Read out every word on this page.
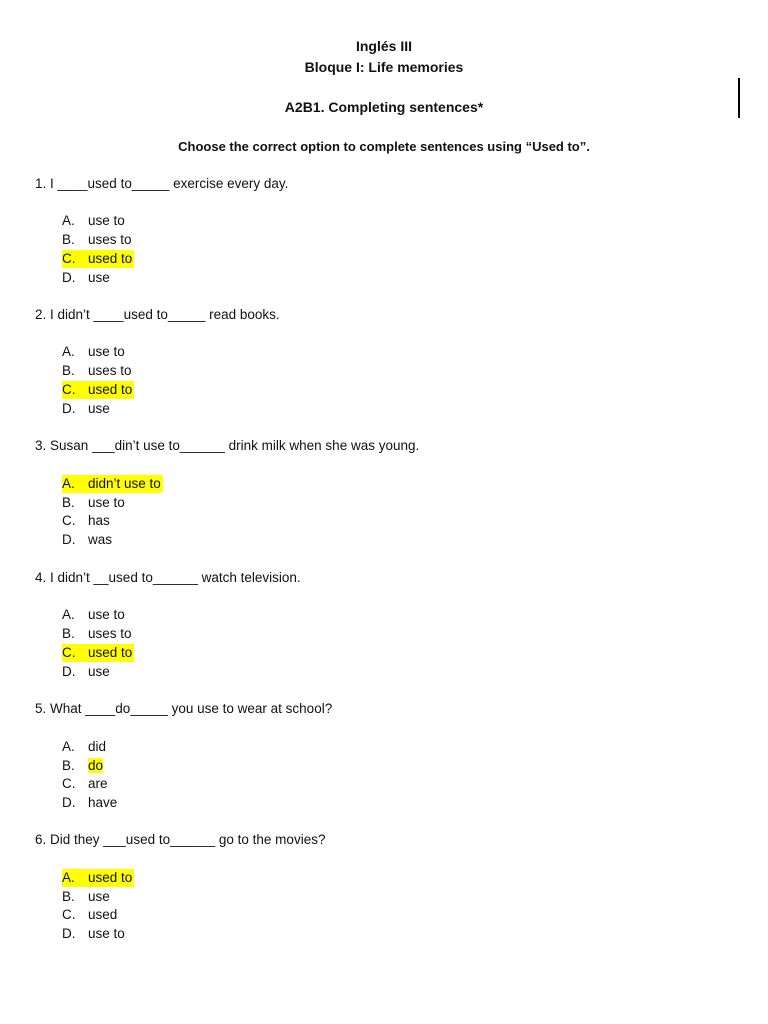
Inglés III
Bloque I: Life memories
A2B1. Completing sentences*
Choose the correct option to complete sentences using “Used to”.
1. I ____used to_____ exercise every day.
A. use to
B. uses to
C. used to
D. use
2. I didn’t ____used to_____ read books.
A. use to
B. uses to
C. used to
D. use
3. Susan ___din’t use to______ drink milk when she was young.
A. didn’t use to
B. use to
C. has
D. was
4. I didn’t __used to______ watch television.
A. use to
B. uses to
C. used to
D. use
5. What ____do_____ you use to wear at school?
A. did
B. do
C. are
D. have
6. Did they ___used to______ go to the movies?
A. used to
B. use
C. used
D. use to
